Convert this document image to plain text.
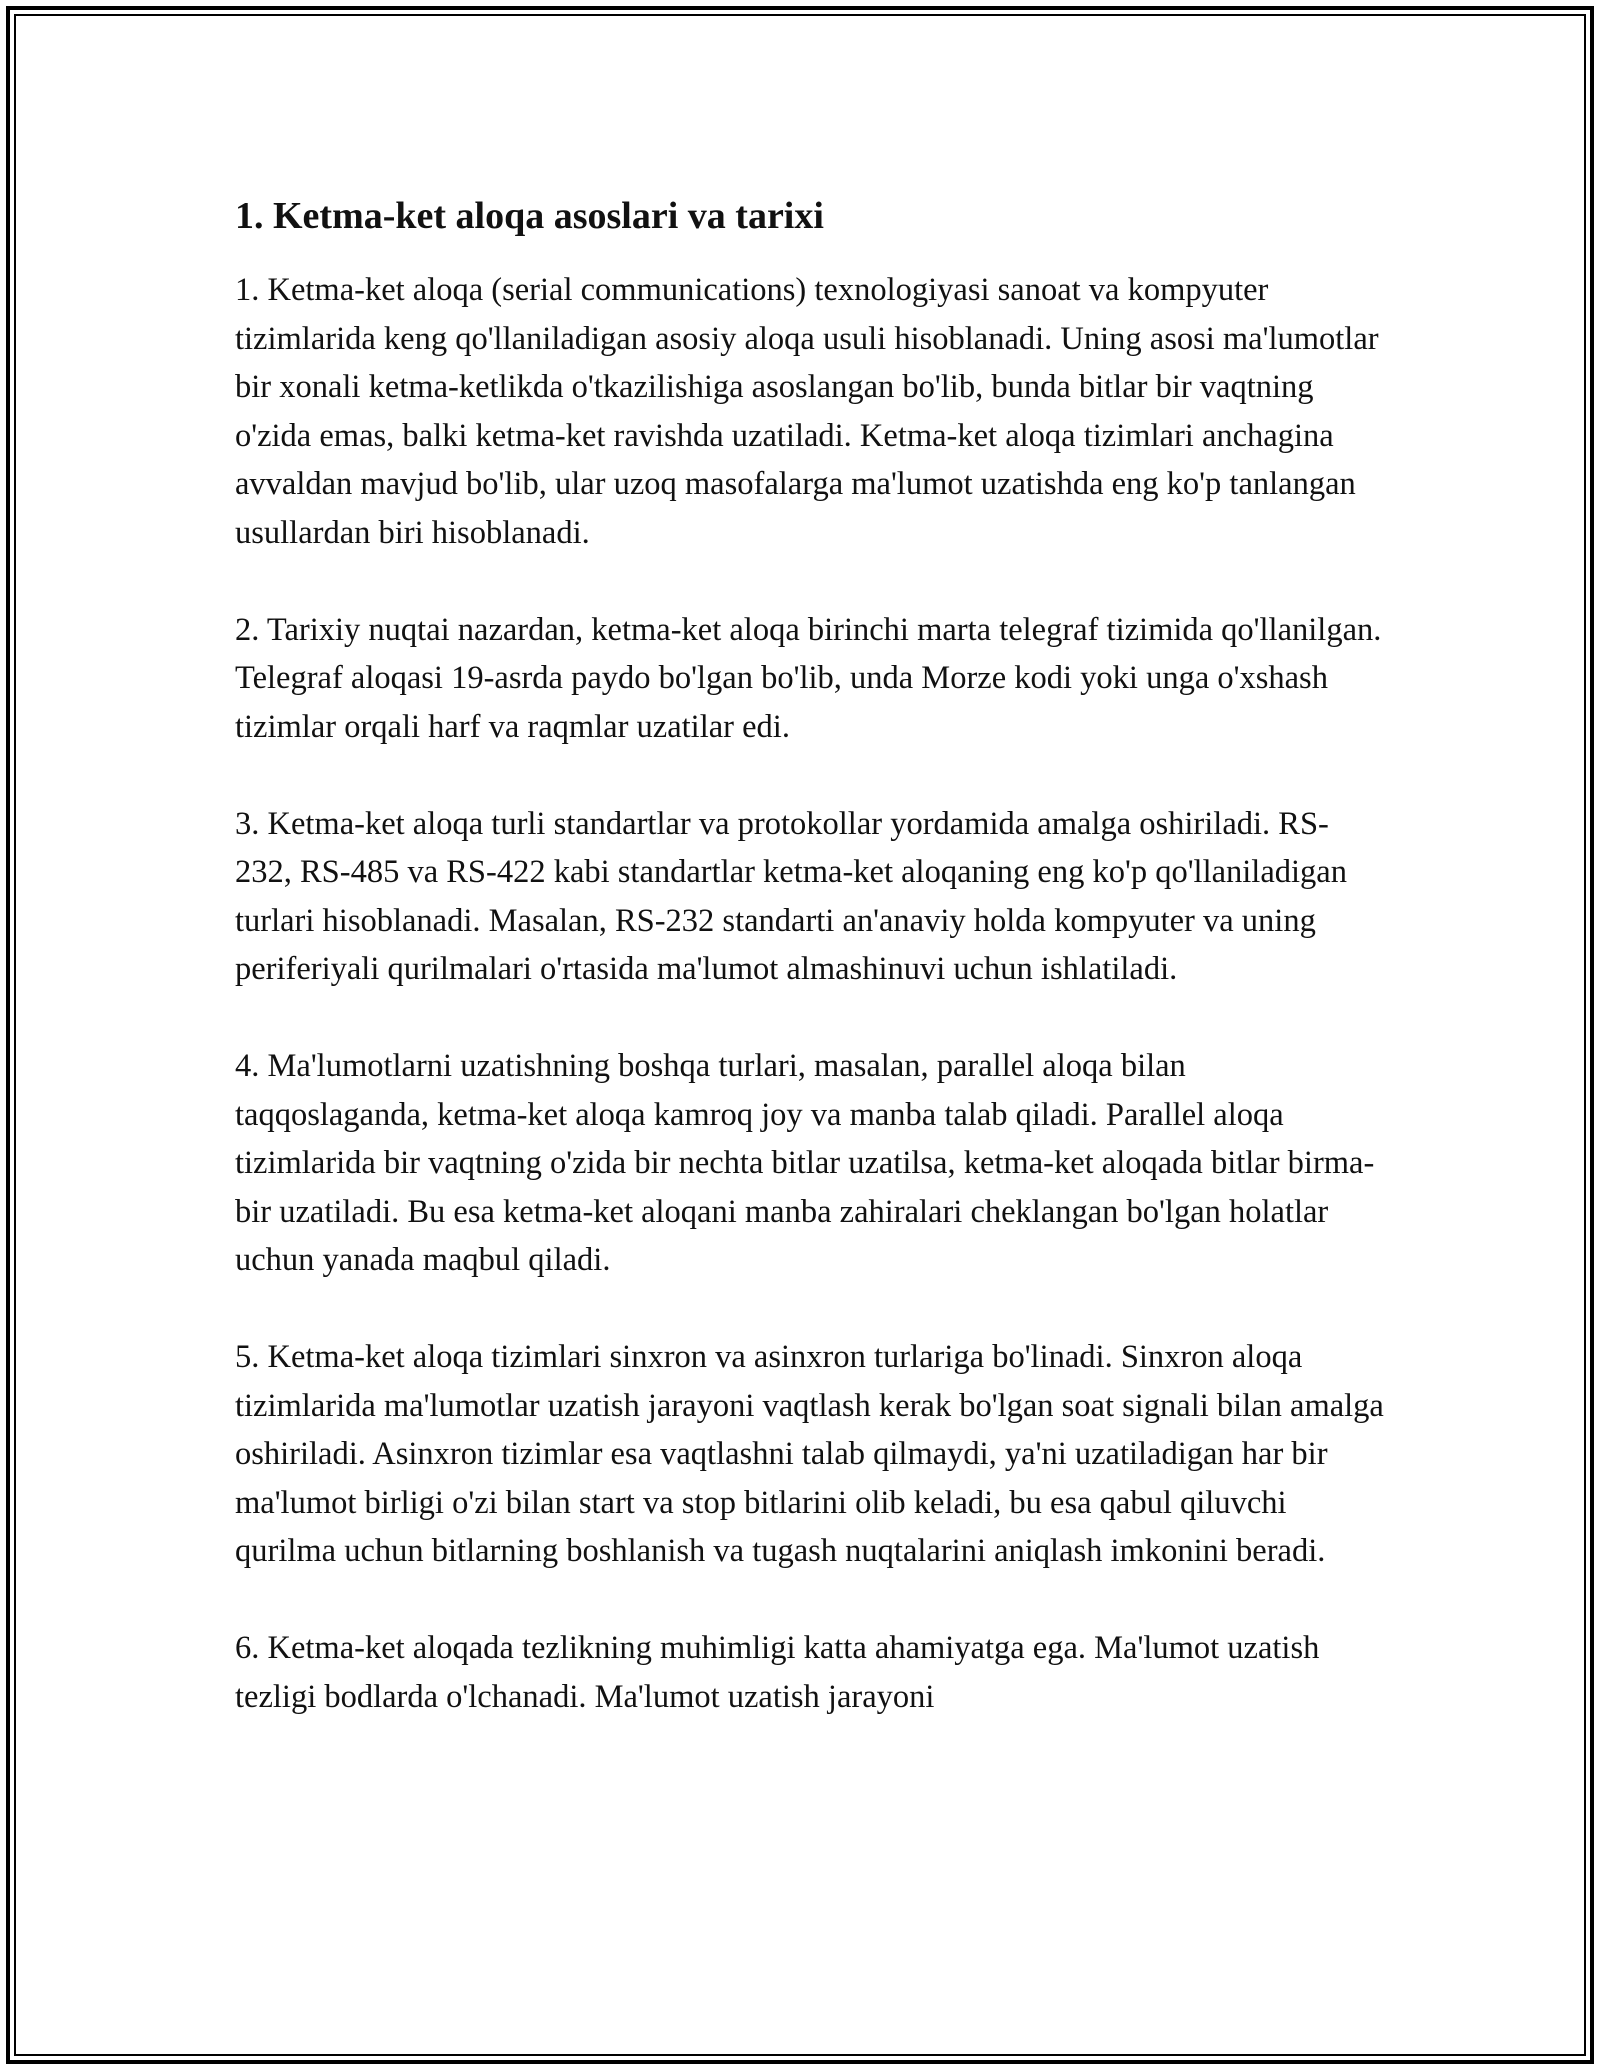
1. Ketma-ket aloqa asoslari va tarixi

1. Ketma-ket aloqa (serial communications) texnologiyasi sanoat va kompyuter tizimlarida keng qo'llaniladigan asosiy aloqa usuli hisoblanadi. Uning asosi ma'lumotlar bir xonali ketma-ketlikda o'tkazilishiga asoslangan bo'lib, bunda bitlar bir vaqtning o'zida emas, balki ketma-ket ravishda uzatiladi. Ketma-ket aloqa tizimlari anchagina avvaldan mavjud bo'lib, ular uzoq masofalarga ma'lumot uzatishda eng ko'p tanlangan usullardan biri hisoblanadi.

2. Tarixiy nuqtai nazardan, ketma-ket aloqa birinchi marta telegraf tizimida qo'llanilgan. Telegraf aloqasi 19-asrda paydo bo'lgan bo'lib, unda Morze kodi yoki unga o'xshash tizimlar orqali harf va raqmlar uzatilar edi.

3. Ketma-ket aloqa turli standartlar va protokollar yordamida amalga oshiriladi. RS-232, RS-485 va RS-422 kabi standartlar ketma-ket aloqaning eng ko'p qo'llaniladigan turlari hisoblanadi. Masalan, RS-232 standarti an'anaviy holda kompyuter va uning periferiyali qurilmalari o'rtasida ma'lumot almashinuvi uchun ishlatiladi.

4. Ma'lumotlarni uzatishning boshqa turlari, masalan, parallel aloqa bilan taqqoslaganda, ketma-ket aloqa kamroq joy va manba talab qiladi. Parallel aloqa tizimlarida bir vaqtning o'zida bir nechta bitlar uzatilsa, ketma-ket aloqada bitlar birma-bir uzatiladi. Bu esa ketma-ket aloqani manba zahiralari cheklangan bo'lgan holatlar uchun yanada maqbul qiladi.

5. Ketma-ket aloqa tizimlari sinxron va asinxron turlariga bo'linadi. Sinxron aloqa tizimlarida ma'lumotlar uzatish jarayoni vaqtlash kerak bo'lgan soat signali bilan amalga oshiriladi. Asinxron tizimlar esa vaqtlashni talab qilmaydi, ya'ni uzatiladigan har bir ma'lumot birligi o'zi bilan start va stop bitlarini olib keladi, bu esa qabul qiluvchi qurilma uchun bitlarning boshlanish va tugash nuqtalarini aniqlash imkonini beradi.

6. Ketma-ket aloqada tezlikning muhimligi katta ahamiyatga ega. Ma'lumot uzatish tezligi bodlarda o'lchanadi. Ma'lumot uzatish jarayoni
